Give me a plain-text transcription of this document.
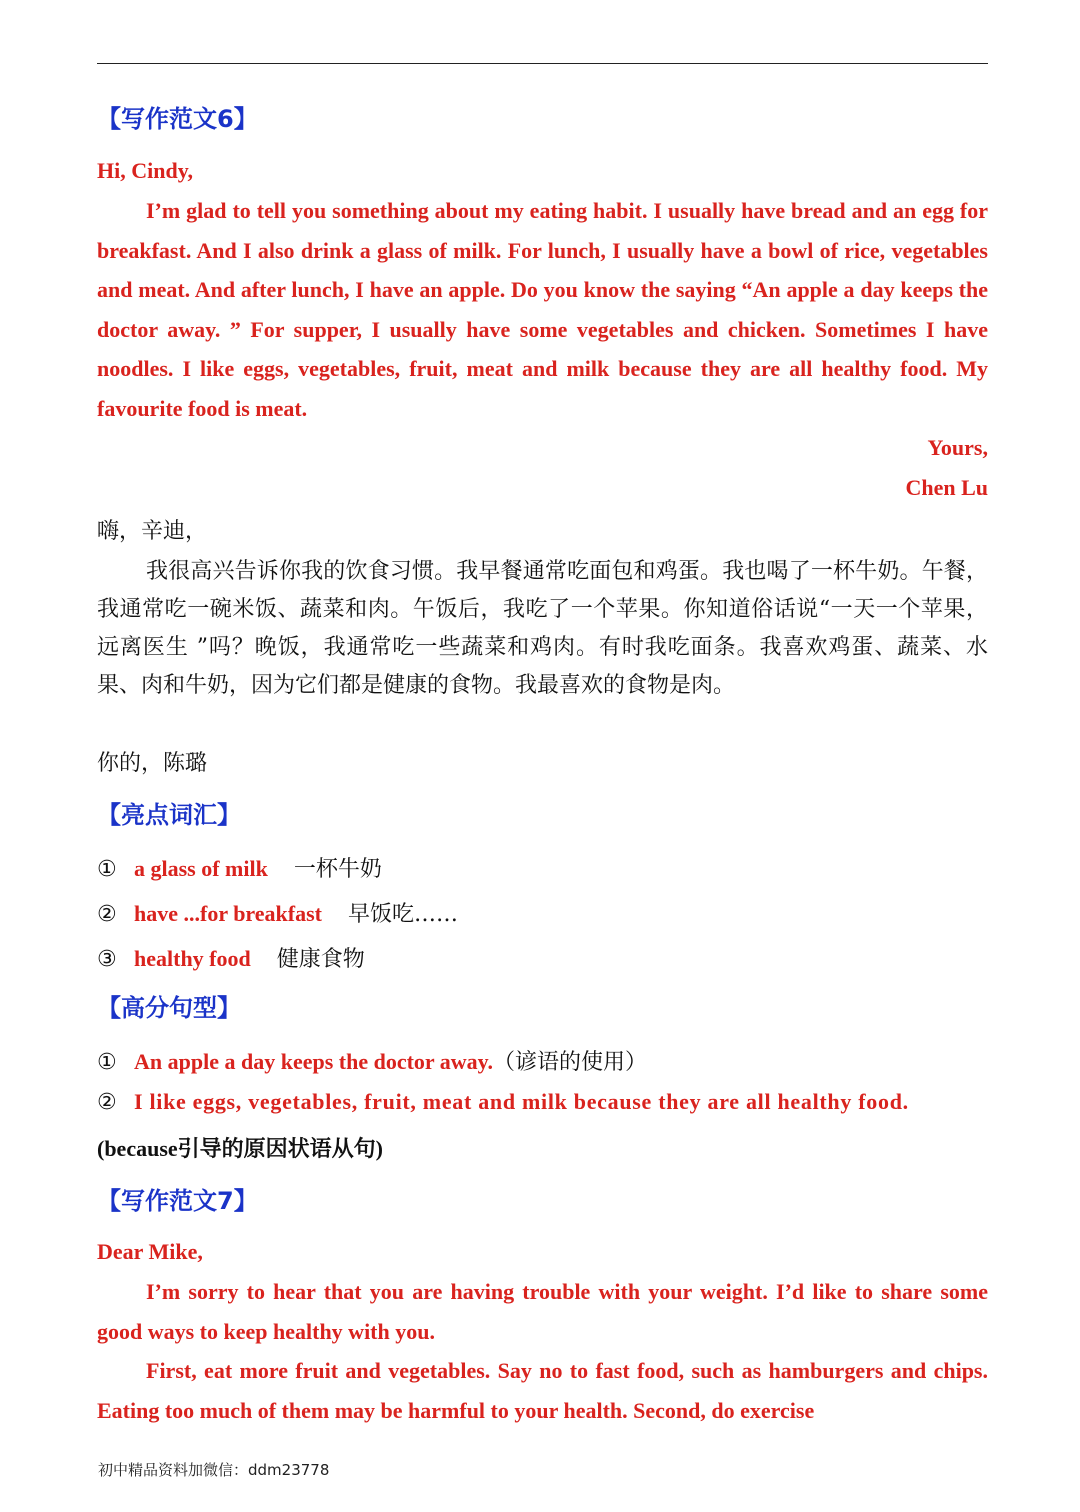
【写作范文6】
Hi, Cindy,
I’m glad to tell you something about my eating habit. I usually have bread and an egg for breakfast. And I also drink a glass of milk. For lunch, I usually have a bowl of rice, vegetables and meat. And after lunch, I have an apple. Do you know the saying “An apple a day keeps the doctor away. ” For supper, I usually have some vegetables and chicken. Sometimes I have noodles. I like eggs, vegetables, fruit, meat and milk because they are all healthy food. My favourite food is meat.
Yours,
Chen Lu
嗨，辛迪，
我很高兴告诉你我的饮食习惯。我早餐通常吃面包和鸡蛋。我也喝了一杯牛奶。午餐，我通常吃一碗米饭、蔬菜和肉。午饭后，我吃了一个苹果。你知道俗话说“一天一个苹果，远离医生 ”吗？晚饭，我通常吃一些蔬菜和鸡肉。有时我吃面条。我喜欢鸡蛋、蔬菜、水果、肉和牛奶，因为它们都是健康的食物。我最喜欢的食物是肉。
你的，陈璐
【亮点词汇】
① a glass of milk 一杯牛奶
② have ...for breakfast 早饭吃……
③ healthy food 健康食物
【高分句型】
① An apple a day keeps the doctor away.（谚语的使用）
② I like eggs, vegetables, fruit, meat and milk because they are all healthy food.
(because引导的原因状语从句)
【写作范文7】
Dear Mike,
I’m sorry to hear that you are having trouble with your weight. I’d like to share some good ways to keep healthy with you.
First, eat more fruit and vegetables. Say no to fast food, such as hamburgers and chips. Eating too much of them may be harmful to your health. Second, do exercise
初中精品资料加微信：ddm23778
